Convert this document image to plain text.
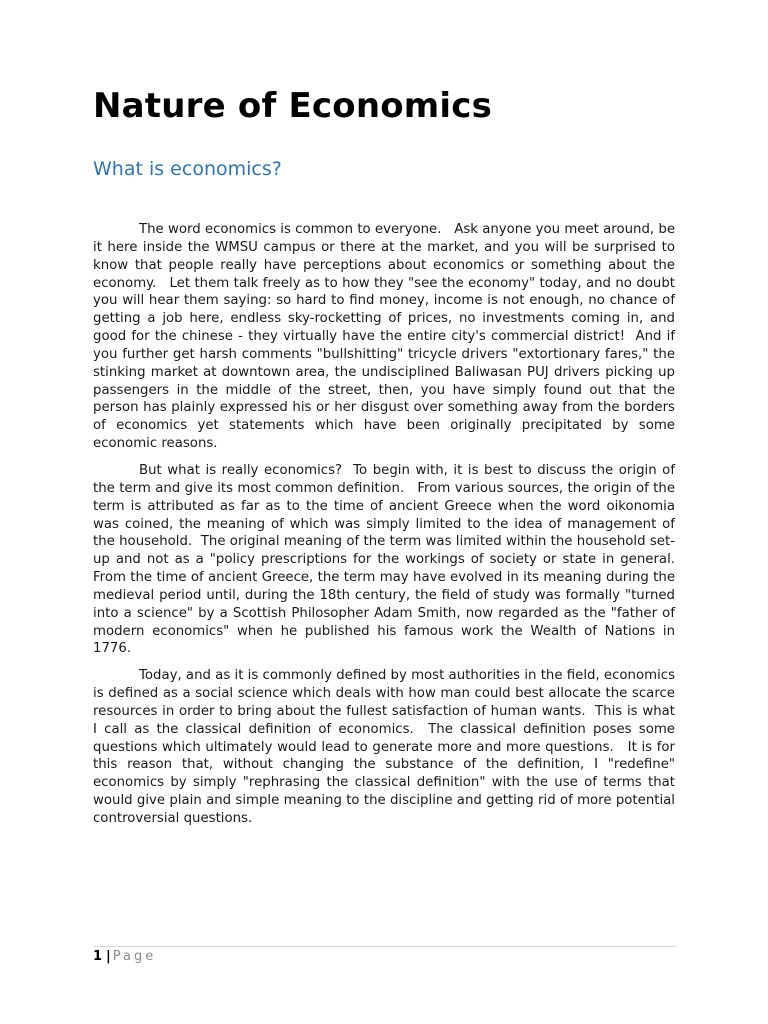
Nature of Economics
What is economics?

The word economics is common to everyone.   Ask anyone you meet around, be it here inside the WMSU campus or there at the market, and you will be surprised to know that people really have perceptions about economics or something about the economy.   Let them talk freely as to how they "see the economy" today, and no doubt you will hear them saying: so hard to find money, income is not enough, no chance of getting a job here, endless sky-rocketting of prices, no investments coming in, and good for the chinese - they virtually have the entire city's commercial district!  And if you further get harsh comments "bullshitting" tricycle drivers "extortionary fares," the stinking market at downtown area, the undisciplined Baliwasan PUJ drivers picking up passengers in the middle of the street, then, you have simply found out that the person has plainly expressed his or her disgust over something away from the borders of economics yet statements which have been originally precipitated by some economic reasons.

But what is really economics?  To begin with, it is best to discuss the origin of the term and give its most common definition.   From various sources, the origin of the term is attributed as far as to the time of ancient Greece when the word oikonomia was coined, the meaning of which was simply limited to the idea of management of the household.  The original meaning of the term was limited within the household set-up and not as a "policy prescriptions for the workings of society or state in general.  From the time of ancient Greece, the term may have evolved in its meaning during the medieval period until, during the 18th century, the field of study was formally "turned into a science" by a Scottish Philosopher Adam Smith, now regarded as the "father of modern economics" when he published his famous work the Wealth of Nations in 1776.

Today, and as it is commonly defined by most authorities in the field, economics is defined as a social science which deals with how man could best allocate the scarce resources in order to bring about the fullest satisfaction of human wants.  This is what I call as the classical definition of economics.  The classical definition poses some questions which ultimately would lead to generate more and more questions.   It is for this reason that, without changing the substance of the definition, I "redefine" economics by simply "rephrasing the classical definition" with the use of terms that would give plain and simple meaning to the discipline and getting rid of more potential controversial questions.

1 | Page
